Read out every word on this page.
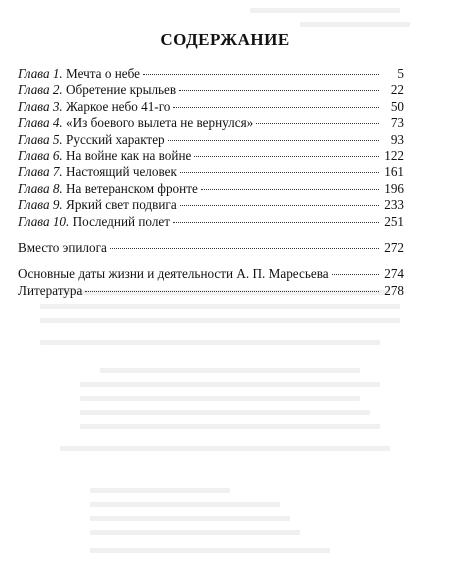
СОДЕРЖАНИЕ
Глава 1. Мечта о небе	5
Глава 2. Обретение крыльев	22
Глава 3. Жаркое небо 41-го	50
Глава 4. «Из боевого вылета не вернулся»	73
Глава 5. Русский характер	93
Глава 6. На войне как на войне	122
Глава 7. Настоящий человек	161
Глава 8. На ветеранском фронте	196
Глава 9. Яркий свет подвига	233
Глава 10. Последний полет	251
Вместо эпилога	272
Основные даты жизни и деятельности А. П. Маресьева	274
Литература	278
